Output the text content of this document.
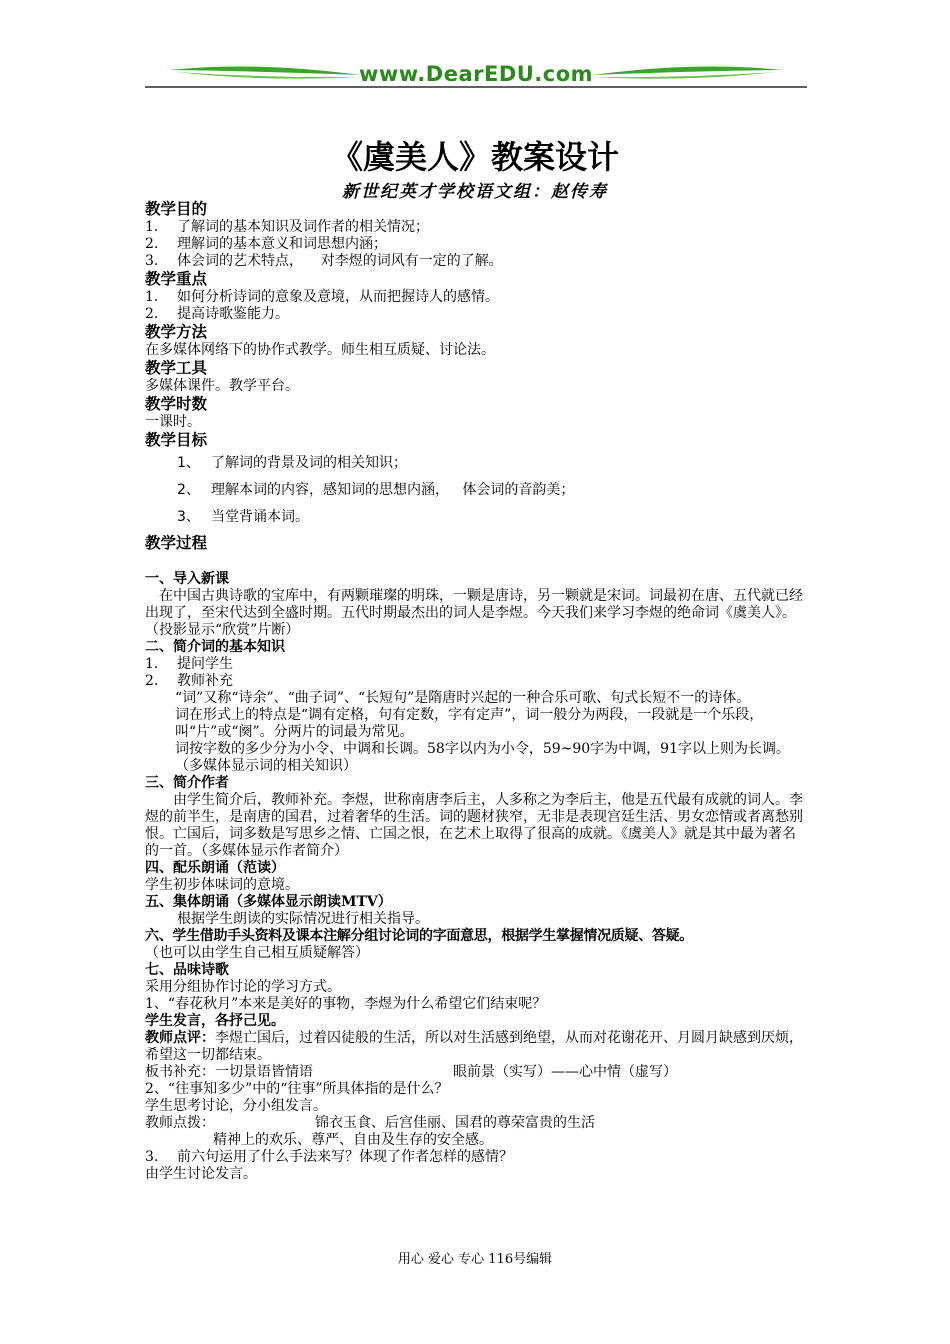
www.DearEDU.com
《虞美人》教案设计
新世纪英才学校语文组：赵传寿

教学目的

1. 了解词的基本知识及词作者的相关情况；

2. 理解词的基本意义和词思想内涵；

3. 体会词的艺术特点，    对李煜的词风有一定的了解。

教学重点

1. 如何分析诗词的意象及意境，从而把握诗人的感情。

2. 提高诗歌鉴能力。

教学方法

在多媒体网络下的协作式教学。师生相互质疑、讨论法。

教学工具

多媒体课件。教学平台。

教学时数

一课时。

教学目标

1、 了解词的背景及词的相关知识；
2、 理解本词的内容，感知词的思想内涵，   体会词的音韵美；
3、 当堂背诵本词。

教学过程

一、导入新课

在中国古典诗歌的宝库中，有两颗璀璨的明珠，一颗是唐诗，另一颗就是宋词。词最初在唐、五代就已经出现了，至宋代达到全盛时期。五代时期最杰出的词人是李煜。今天我们来学习李煜的绝命词《虞美人》。（投影显示“欣赏”片断）

二、简介词的基本知识

1. 提问学生

2. 教师补充

“词”又称“诗余”、“曲子词”、“长短句”是隋唐时兴起的一种合乐可歌、句式长短不一的诗体。

词在形式上的特点是“调有定格，句有定数，字有定声”，词一般分为两段，一段就是一个乐段，叫“片”或“阕”。分两片的词最为常见。

词按字数的多少分为小令、中调和长调。58字以内为小令，59~90字为中调，91字以上则为长调。（多媒体显示词的相关知识）

三、简介作者

由学生简介后，教师补充。李煜，世称南唐李后主，人多称之为李后主，他是五代最有成就的词人。李煜的前半生，是南唐的国君，过着奢华的生活。词的题材狭窄，无非是表现宫廷生活、男女恋情或者离愁别恨。亡国后，词多数是写思乡之情、亡国之恨，在艺术上取得了很高的成就。《虞美人》就是其中最为著名的一首。（多媒体显示作者简介）

四、配乐朗诵（范读）

学生初步体味词的意境。

五、集体朗诵（多媒体显示朗读MTV）

根据学生朗读的实际情况进行相关指导。

六、学生借助手头资料及课本注解分组讨论词的字面意思，根据学生掌握情况质疑、答疑。

（也可以由学生自己相互质疑解答）

七、品味诗歌

采用分组协作讨论的学习方式。

1、“春花秋月”本来是美好的事物，李煜为什么希望它们结束呢？

学生发言，各抒己见。

教师点评：李煜亡国后，过着囚徒般的生活，所以对生活感到绝望，从而对花谢花开、月圆月缺感到厌烦，希望这一切都结束。

板书补充：一切景语皆情语	眼前景（实写）——心中情（虚写）

2、“往事知多少”中的“往事”所具体指的是什么？

学生思考讨论，分小组发言。

教师点拨：	锦衣玉食、后宫佳丽、国君的尊荣富贵的生活

精神上的欢乐、尊严、自由及生存的安全感。

3. 前六句运用了什么手法来写？体现了作者怎样的感情？

由学生讨论发言。

用心 爱心 专心 116号编辑
